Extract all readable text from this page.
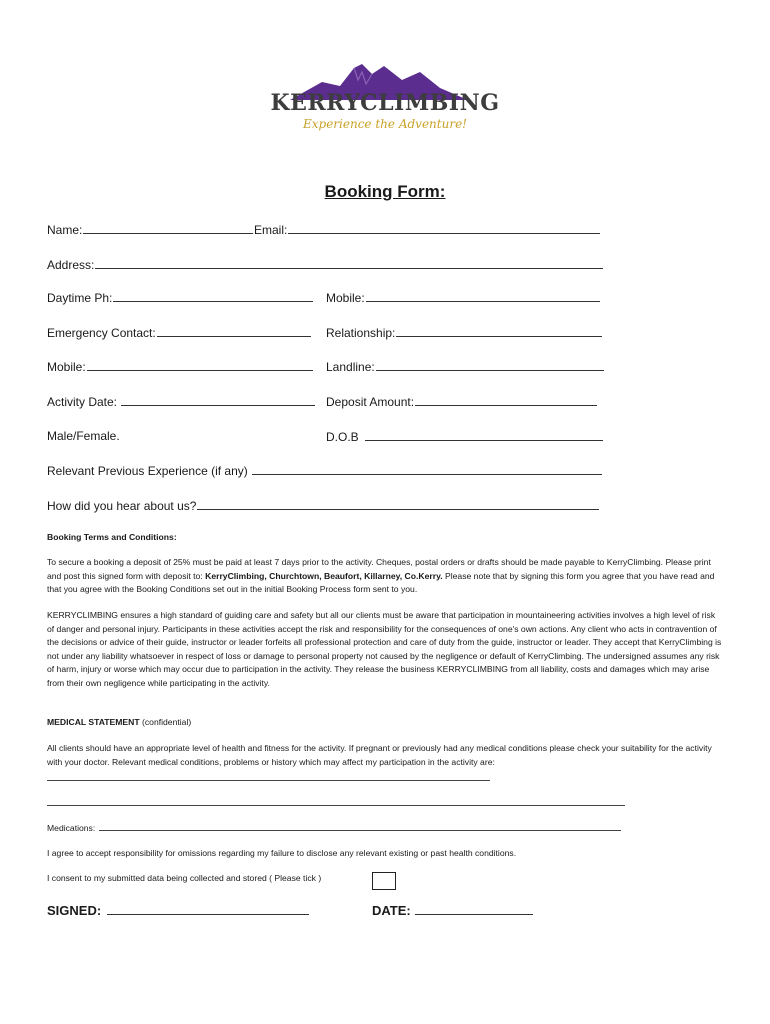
KERRYCLIMBING
Experience the Adventure!
Booking Form:
Name:	Email:
Address:
Daytime Ph:	Mobile:
Emergency Contact:	Relationship:
Mobile:	Landline:
Activity Date:	Deposit Amount:
Male/Female.	D.O.B
Relevant Previous Experience (if any)
How did you hear about us?
Booking Terms and Conditions:
To secure a booking a deposit of 25% must be paid at least 7 days prior to the activity. Cheques, postal orders or drafts should be made payable to KerryClimbing. Please print and post this signed form with deposit to: KerryClimbing, Churchtown, Beaufort, Killarney, Co.Kerry. Please note that by signing this form you agree that you have read and that you agree with the Booking Conditions set out in the initial Booking Process form sent to you.
KERRYCLIMBING ensures a high standard of guiding care and safety but all our clients must be aware that participation in mountaineering activities involves a high level of risk of danger and personal injury. Participants in these activities accept the risk and responsibility for the consequences of one's own actions. Any client who acts in contravention of the decisions or advice of their guide, instructor or leader forfeits all professional protection and care of duty from the guide, instructor or leader. They accept that KerryClimbing is not under any liability whatsoever in respect of loss or damage to personal property not caused by the negligence or default of KerryClimbing. The undersigned assumes any risk of harm, injury or worse which may occur due to participation in the activity. They release the business KERRYCLIMBING from all liability, costs and damages which may arise from their own negligence while participating in the activity.
MEDICAL STATEMENT (confidential)
All clients should have an appropriate level of health and fitness for the activity. If pregnant or previously had any medical conditions please check your suitability for the activity with your doctor. Relevant medical conditions, problems or history which may affect my participation in the activity are:
Medications:
I agree to accept responsibility for omissions regarding my failure to disclose any relevant existing or past health conditions.
I consent to my submitted data being collected and stored ( Please tick )
SIGNED:	DATE:
